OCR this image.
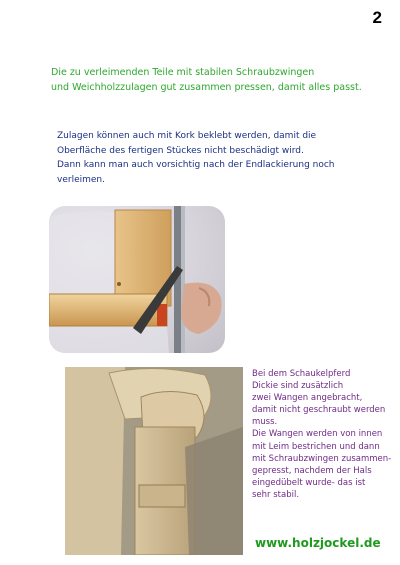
2

Die zu verleimenden Teile mit stabilen Schraubzwingen

und Weichholzzulagen gut zusammen pressen, damit alles passt.

Zulagen können auch mit Kork beklebt werden, damit die

Oberfläche des fertigen Stückes nicht beschädigt wird.

Dann kann man auch vorsichtig nach der Endlackierung noch

verleimen.

Bei dem Schaukelpferd

Dickie sind zusätzlich

zwei Wangen angebracht,

damit nicht geschraubt werden

muss.

Die Wangen werden von innen

mit Leim bestrichen und dann

mit Schraubzwingen zusammen-

gepresst, nachdem der Hals

eingedübelt wurde- das ist

sehr stabil.

www.holzjockel.de
